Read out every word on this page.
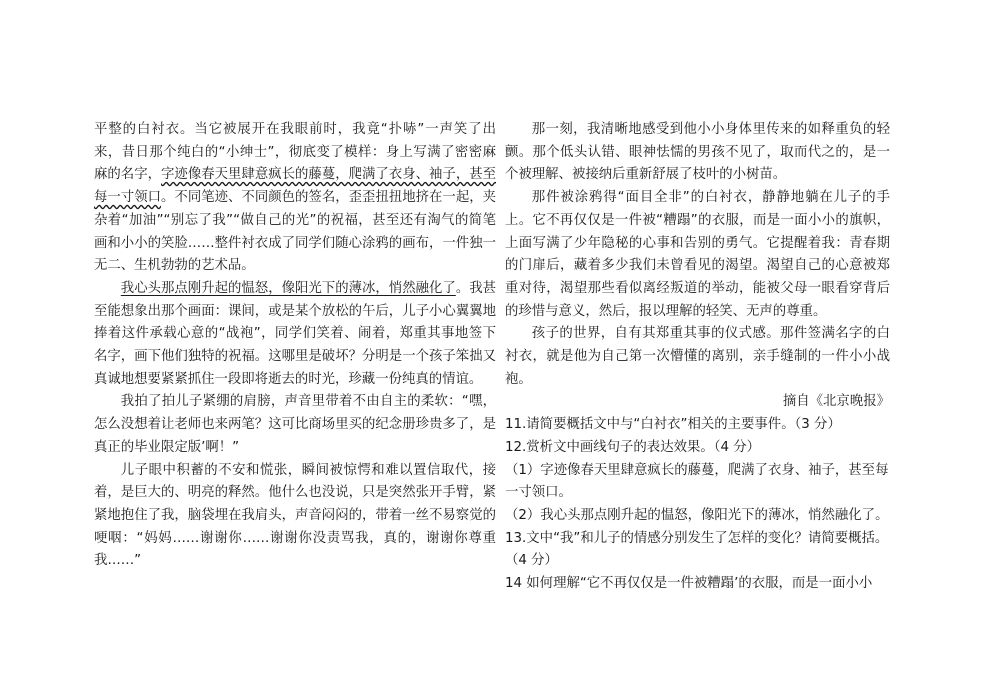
平整的白衬衣。当它被展开在我眼前时，我竟“扑哧”一声笑了出来，昔日那个纯白的“小绅士”，彻底变了模样：身上写满了密密麻麻的名字，字迹像春天里肆意疯长的藤蔓，爬满了衣身、袖子，甚至每一寸领口。不同笔迹、不同颜色的签名，歪歪扭扭地挤在一起，夹杂着“加油”“别忘了我”“做自己的光”的祝福，甚至还有淘气的简笔画和小小的笑脸……整件衬衣成了同学们随心涂鸦的画布，一件独一无二、生机勃勃的艺术品。

我心头那点刚升起的愠怒，像阳光下的薄冰，悄然融化了。我甚至能想象出那个画面：课间，或是某个放松的午后，儿子小心翼翼地捧着这件承载心意的“战袍”，同学们笑着、闹着，郑重其事地签下名字，画下他们独特的祝福。这哪里是破坏？分明是一个孩子笨拙又真诚地想要紧紧抓住一段即将逝去的时光，珍藏一份纯真的情谊。

我拍了拍儿子紧绷的肩膀，声音里带着不由自主的柔软：“嘿，怎么没想着让老师也来两笔？这可比商场里买的纪念册珍贵多了，是真正的毕业限定版’啊！”

儿子眼中积蓄的不安和慌张，瞬间被惊愕和难以置信取代，接着，是巨大的、明亮的释然。他什么也没说，只是突然张开手臂，紧紧地抱住了我，脑袋埋在我肩头，声音闷闷的，带着一丝不易察觉的哽咽：“妈妈……谢谢你……谢谢你没责骂我，真的，谢谢你尊重我……”

那一刻，我清晰地感受到他小小身体里传来的如释重负的轻颤。那个低头认错、眼神怯懦的男孩不见了，取而代之的，是一个被理解、被接纳后重新舒展了枝叶的小树苗。

那件被涂鸦得“面目全非”的白衬衣，静静地躺在儿子的手上。它不再仅仅是一件被“糟蹋”的衣服，而是一面小小的旗帜，上面写满了少年隐秘的心事和告别的勇气。它提醒着我：青春期的门扉后，藏着多少我们未曾看见的渴望。渴望自己的心意被郑重对待，渴望那些看似离经叛道的举动，能被父母一眼看穿背后的珍惜与意义，然后，报以理解的轻笑、无声的尊重。

孩子的世界，自有其郑重其事的仪式感。那件签满名字的白衬衣，就是他为自己第一次懵懂的离别，亲手缝制的一件小小战袍。

摘自《北京晚报》

11.请简要概括文中与“白衬衣”相关的主要事件。（3 分）

12.赏析文中画线句子的表达效果。（4 分）

（1）字迹像春天里肆意疯长的藤蔓，爬满了衣身、袖子，甚至每一寸领口。

（2）我心头那点刚升起的愠怒，像阳光下的薄冰，悄然融化了。

13.文中“我”和儿子的情感分别发生了怎样的变化？请简要概括。（4 分）

14 如何理解“它不再仅仅是一件被糟蹋’的衣服，而是一面小小
